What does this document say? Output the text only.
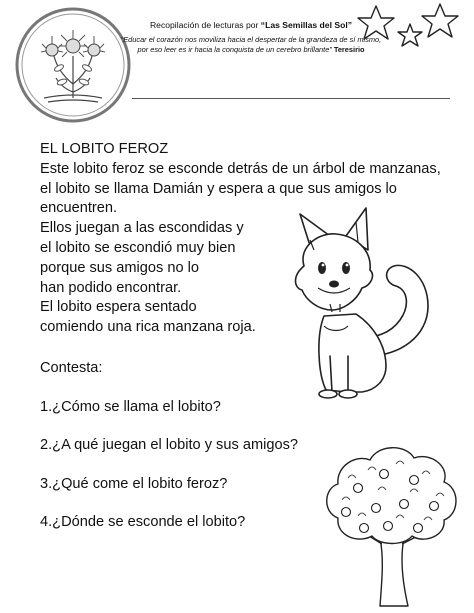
Recopilación de lecturas por “Las Semillas del Sol”

“Educar el corazón nos moviliza hacia el despertar de la grandeza de sí mismo, por eso leer es ir hacia la conquista de un cerebro brillante” Teresirio

EL LOBITO FEROZ

Este lobito feroz se esconde detrás de un árbol de manzanas,

el lobito se llama Damián y espera a que sus amigos lo

encuentren.

Ellos juegan a las escondidas y

el lobito se escondió muy bien

porque sus amigos no lo

han podido encontrar.

El lobito espera sentado

comiendo una rica manzana roja.

Contesta:
1.¿Cómo se llama el lobito?
2.¿A qué juegan el lobito y sus amigos?
3.¿Qué come el lobito feroz?
4.¿Dónde se esconde el lobito?
